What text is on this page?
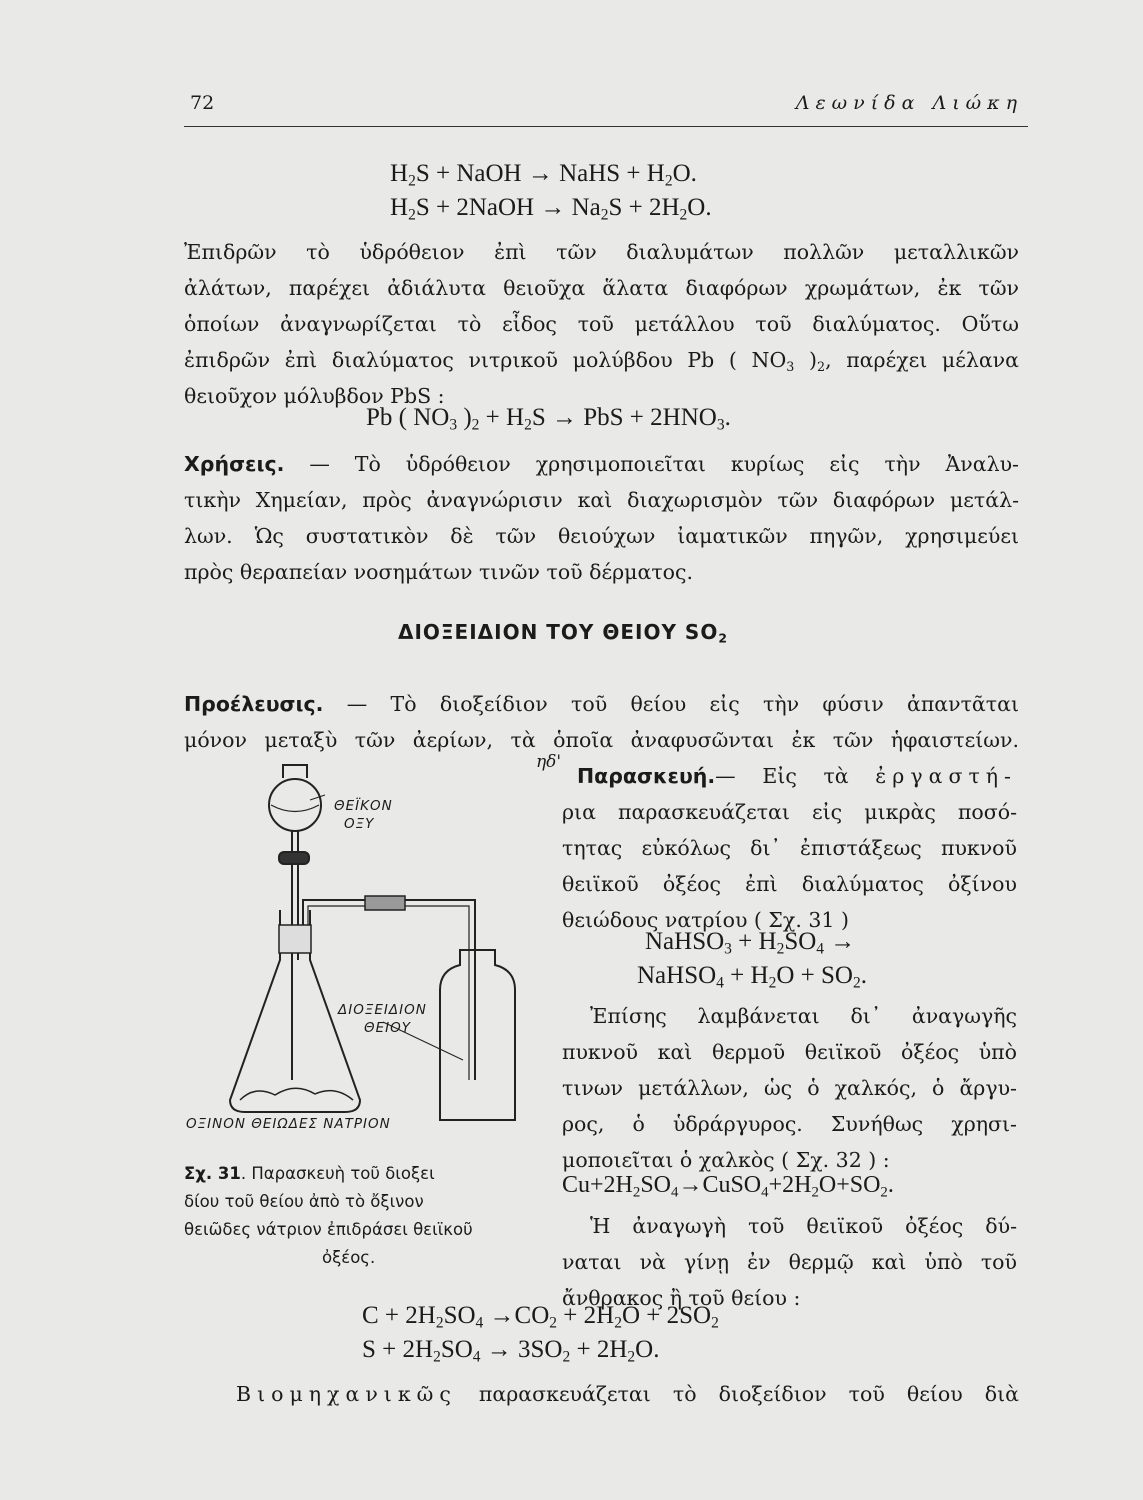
72	Λεωνίδα Λιώκη
$H_2S$ + NaOH → NaHS + $H_2O$.
$H_2S$ + 2NaOH → $Na_2S + 2H_2O$.
Ἐπιδρῶν τὸ ὑδρόθειον ἐπὶ τῶν διαλυμάτων πολλῶν μεταλλικῶν
ἀλάτων, παρέχει ἀδιάλυτα θειοῦχα ἅλατα διαφόρων χρωμάτων, ἐκ τῶν
ὁποίων ἀναγνωρίζεται τὸ εἶδος τοῦ μετάλλου τοῦ διαλύματος. Οὕτω
ἐπιδρῶν ἐπὶ διαλύματος νιτρικοῦ μολύβδου Pb ( $NO_3$ )$_2$, παρέχει μέλανα
θειοῦχον μόλυβδον PbS :
Pb ( $NO_3$ )$_2 + H_2S$ → PbS + $2HNO_3$.
Χρήσεις. — Τὸ ὑδρόθειον χρησιμοποιεῖται κυρίως εἰς τὴν Ἀναλυ-
τικὴν Χημείαν, πρὸς ἀναγνώρισιν καὶ διαχωρισμὸν τῶν διαφόρων μετάλ-
λων. Ὡς συστατικὸν δὲ τῶν θειούχων ἰαματικῶν πηγῶν, χρησιμεύει
πρὸς θεραπείαν νοσημάτων τινῶν τοῦ δέρματος.
ΔΙΟΞΕΙΔΙΟΝ ΤΟΥ ΘΕΙΟΥ $SO_2$
Προέλευσις. — Τὸ διοξείδιον τοῦ θείου εἰς τὴν φύσιν ἀπαντᾶται
μόνον μεταξὺ τῶν ἀερίων, τὰ ὁποῖα ἀναφυσῶνται ἐκ τῶν ἡφαιστείων.
ηδ'
Παρασκευή.— Εἰς τὰ ἐργαστή-
ρια παρασκευάζεται εἰς μικρὰς ποσό-
τητας εὐκόλως δι᾽ ἐπιστάξεως πυκνοῦ
θειϊκοῦ ὀξέος ἐπὶ διαλύματος ὀξίνου
θειώδους νατρίου ( Σχ. 31 )
NaHSO$_3$ + $H_2SO_4$ →
NaHSO$_4$ + $H_2O + SO_2$.
Ἐπίσης λαμβάνεται δι᾽ ἀναγωγῆς
πυκνοῦ καὶ θερμοῦ θειϊκοῦ ὀξέος ὑπὸ
τινων μετάλλων, ὡς ὁ χαλκός, ὁ ἄργυ-
ρος, ὁ ὑδράργυρος. Συνήθως χρησι-
μοποιεῖται ὁ χαλκὸς ( Σχ. 32 ) :
$Cu+2H_2SO_4\to CuSO_4+2H_2O+SO_2$.
Ἡ ἀναγωγὴ τοῦ θειϊκοῦ ὀξέος δύ-
ναται νὰ γίνῃ ἐν θερμῷ καὶ ὑπὸ τοῦ
ἄνθρακος ἢ τοῦ θείου :
ΘΕΪΚΟΝ
ΟΞΥ
ΔΙΟΞΕΙΔΙΟΝ
ΘΕΙΟΥ
ΟΞΙΝΟΝ ΘΕΙΩΔΕΣ ΝΑΤΡΙΟΝ
Σχ. 31. Παρασκευὴ τοῦ διοξει
δίου τοῦ θείου ἀπὸ τὸ ὄξινον
θειῶδες νάτριον ἐπιδράσει θειϊκοῦ
ὀξέος.
$C + 2H_2SO_4 \to CO_2 + 2H_2O + 2SO_2$
$S + 2H_2SO_4 \to 3SO_2 + 2H_2O$.
Βιομηχανικῶς παρασκευάζεται τὸ διοξείδιον τοῦ θείου διὰ
